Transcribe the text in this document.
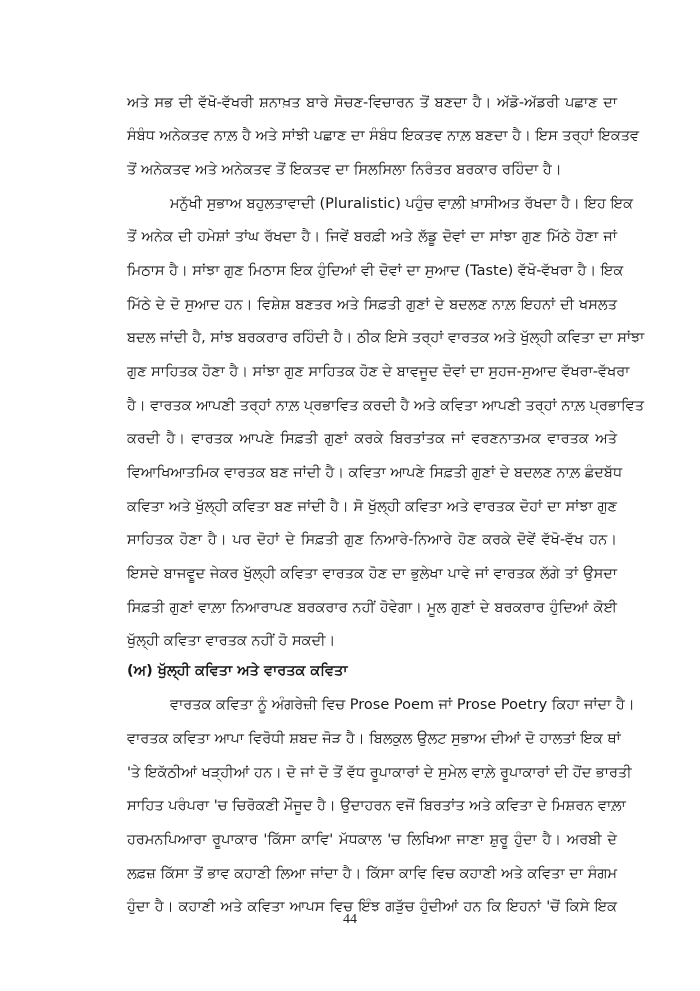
ਅਤੇ ਸਭ ਦੀ ਵੱਖੋ-ਵੱਖਰੀ ਸ਼ਨਾਖ਼ਤ ਬਾਰੇ ਸੋਚਣ-ਵਿਚਾਰਨ ਤੋਂ ਬਣਦਾ ਹੈ। ਅੱਡੋ-ਅੱਡਰੀ ਪਛਾਣ ਦਾ
ਸੰਬੰਧ ਅਨੇਕਤਵ ਨਾਲ਼ ਹੈ ਅਤੇ ਸਾਂਝੀ ਪਛਾਣ ਦਾ ਸੰਬੰਧ ਇਕਤਵ ਨਾਲ਼ ਬਣਦਾ ਹੈ। ਇਸ ਤਰ੍ਹਾਂ ਇਕਤਵ
ਤੋਂ ਅਨੇਕਤਵ ਅਤੇ ਅਨੇਕਤਵ ਤੋਂ ਇਕਤਵ ਦਾ ਸਿਲਸਿਲਾ ਨਿਰੰਤਰ ਬਰਕਾਰ ਰਹਿੰਦਾ ਹੈ।
ਮਨੁੱਖੀ ਸੁਭਾਅ ਬਹੁਲਤਾਵਾਦੀ (Pluralistic) ਪਹੁੰਚ ਵਾਲ਼ੀ ਖ਼ਾਸੀਅਤ ਰੱਖਦਾ ਹੈ। ਇਹ ਇਕ
ਤੋਂ ਅਨੇਕ ਦੀ ਹਮੇਸ਼ਾਂ ਤਾਂਘ ਰੱਖਦਾ ਹੈ। ਜਿਵੇਂ ਬਰਫ਼ੀ ਅਤੇ ਲੱਡੂ ਦੋਵਾਂ ਦਾ ਸਾਂਝਾ ਗੁਣ ਮਿੱਠੇ ਹੋਣਾ ਜਾਂ
ਮਿਠਾਸ ਹੈ। ਸਾਂਝਾ ਗੁਣ ਮਿਠਾਸ ਇਕ ਹੁੰਦਿਆਂ ਵੀ ਦੋਵਾਂ ਦਾ ਸੁਆਦ (Taste) ਵੱਖੋ-ਵੱਖਰਾ ਹੈ। ਇਕ
ਮਿੱਠੇ ਦੇ ਦੋ ਸੁਆਦ ਹਨ। ਵਿਸ਼ੇਸ਼ ਬਣਤਰ ਅਤੇ ਸਿਫ਼ਤੀ ਗੁਣਾਂ ਦੇ ਬਦਲਣ ਨਾਲ਼ ਇਹਨਾਂ ਦੀ ਖਸਲਤ
ਬਦਲ ਜਾਂਦੀ ਹੈ, ਸਾਂਝ ਬਰਕਰਾਰ ਰਹਿੰਦੀ ਹੈ। ਠੀਕ ਇਸੇ ਤਰ੍ਹਾਂ ਵਾਰਤਕ ਅਤੇ ਖੁੱਲ੍ਹੀ ਕਵਿਤਾ ਦਾ ਸਾਂਝਾ
ਗੁਣ ਸਾਹਿਤਕ ਹੋਣਾ ਹੈ। ਸਾਂਝਾ ਗੁਣ ਸਾਹਿਤਕ ਹੋਣ ਦੇ ਬਾਵਜੂਦ ਦੋਵਾਂ ਦਾ ਸੁਹਜ-ਸੁਆਦ ਵੱਖਰਾ-ਵੱਖਰਾ
ਹੈ। ਵਾਰਤਕ ਆਪਣੀ ਤਰ੍ਹਾਂ ਨਾਲ਼ ਪ੍ਰਭਾਵਿਤ ਕਰਦੀ ਹੈ ਅਤੇ ਕਵਿਤਾ ਆਪਣੀ ਤਰ੍ਹਾਂ ਨਾਲ਼ ਪ੍ਰਭਾਵਿਤ
ਕਰਦੀ ਹੈ। ਵਾਰਤਕ ਆਪਣੇ ਸਿਫ਼ਤੀ ਗੁਣਾਂ ਕਰਕੇ ਬਿਰਤਾਂਤਕ ਜਾਂ ਵਰਣਨਾਤਮਕ ਵਾਰਤਕ ਅਤੇ
ਵਿਆਖਿਆਤਮਿਕ ਵਾਰਤਕ ਬਣ ਜਾਂਦੀ ਹੈ। ਕਵਿਤਾ ਆਪਣੇ ਸਿਫ਼ਤੀ ਗੁਣਾਂ ਦੇ ਬਦਲਣ ਨਾਲ਼ ਛੰਦਬੱਧ
ਕਵਿਤਾ ਅਤੇ ਖੁੱਲ੍ਹੀ ਕਵਿਤਾ ਬਣ ਜਾਂਦੀ ਹੈ। ਸੋ ਖੁੱਲ੍ਹੀ ਕਵਿਤਾ ਅਤੇ ਵਾਰਤਕ ਦੋਹਾਂ ਦਾ ਸਾਂਝਾ ਗੁਣ
ਸਾਹਿਤਕ ਹੋਣਾ ਹੈ। ਪਰ ਦੋਹਾਂ ਦੇ ਸਿਫ਼ਤੀ ਗੁਣ ਨਿਆਰੇ-ਨਿਆਰੇ ਹੋਣ ਕਰਕੇ ਦੋਵੇਂ ਵੱਖੋ-ਵੱਖ ਹਨ।
ਇਸਦੇ ਬਾਜਵੂਦ ਜੇਕਰ ਖੁੱਲ੍ਹੀ ਕਵਿਤਾ ਵਾਰਤਕ ਹੋਣ ਦਾ ਭੁਲੇਖਾ ਪਾਵੇ ਜਾਂ ਵਾਰਤਕ ਲੱਗੇ ਤਾਂ ਉਸਦਾ
ਸਿਫ਼ਤੀ ਗੁਣਾਂ ਵਾਲ਼ਾ ਨਿਆਰਾਪਣ ਬਰਕਰਾਰ ਨਹੀਂ ਹੋਵੇਗਾ। ਮੂਲ ਗੁਣਾਂ ਦੇ ਬਰਕਰਾਰ ਹੁੰਦਿਆਂ ਕੋਈ
ਖੁੱਲ੍ਹੀ ਕਵਿਤਾ ਵਾਰਤਕ ਨਹੀਂ ਹੋ ਸਕਦੀ।
(ਅ) ਖੁੱਲ੍ਹੀ ਕਵਿਤਾ ਅਤੇ ਵਾਰਤਕ ਕਵਿਤਾ
ਵਾਰਤਕ ਕਵਿਤਾ ਨੂੰ ਅੰਗਰੇਜ਼ੀ ਵਿਚ Prose Poem ਜਾਂ Prose Poetry ਕਿਹਾ ਜਾਂਦਾ ਹੈ।
ਵਾਰਤਕ ਕਵਿਤਾ ਆਪਾ ਵਿਰੋਧੀ ਸ਼ਬਦ ਜੋੜ ਹੈ। ਬਿਲਕੁਲ ਉਲਟ ਸੁਭਾਅ ਦੀਆਂ ਦੋ ਹਾਲਤਾਂ ਇਕ ਥਾਂ
'ਤੇ ਇਕੱਠੀਆਂ ਖੜ੍ਹੀਆਂ ਹਨ। ਦੋ ਜਾਂ ਦੋ ਤੋਂ ਵੱਧ ਰੂਪਾਕਾਰਾਂ ਦੇ ਸੁਮੇਲ ਵਾਲ਼ੇ ਰੂਪਾਕਾਰਾਂ ਦੀ ਹੋਂਦ ਭਾਰਤੀ
ਸਾਹਿਤ ਪਰੰਪਰਾ 'ਚ ਚਿਰੋਕਣੀ ਮੌਜੂਦ ਹੈ। ਉਦਾਹਰਨ ਵਜੋਂ ਬਿਰਤਾਂਤ ਅਤੇ ਕਵਿਤਾ ਦੇ ਮਿਸ਼ਰਨ ਵਾਲ਼ਾ
ਹਰਮਨਪਿਆਰਾ ਰੂਪਾਕਾਰ 'ਕਿੱਸਾ ਕਾਵਿ' ਮੱਧਕਾਲ 'ਚ ਲਿਖਿਆ ਜਾਣਾ ਸ਼ੁਰੂ ਹੁੰਦਾ ਹੈ। ਅਰਬੀ ਦੇ
ਲਫ਼ਜ਼ ਕਿੱਸਾ ਤੋਂ ਭਾਵ ਕਹਾਣੀ ਲਿਆ ਜਾਂਦਾ ਹੈ। ਕਿੱਸਾ ਕਾਵਿ ਵਿਚ ਕਹਾਣੀ ਅਤੇ ਕਵਿਤਾ ਦਾ ਸੰਗਮ
ਹੁੰਦਾ ਹੈ। ਕਹਾਣੀ ਅਤੇ ਕਵਿਤਾ ਆਪਸ ਵਿਚ ਇੰਝ ਗੜੁੱਚ ਹੁੰਦੀਆਂ ਹਨ ਕਿ ਇਹਨਾਂ 'ਚੋਂ ਕਿਸੇ ਇਕ
44
